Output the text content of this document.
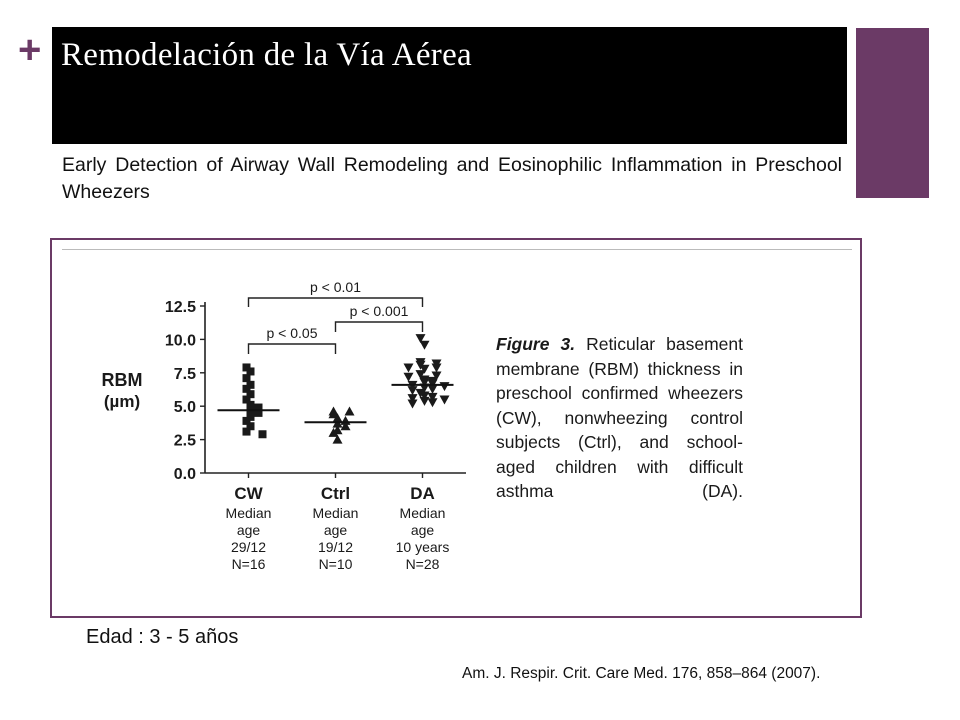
+ Remodelación de la Vía Aérea
Early Detection of Airway Wall Remodeling and Eosinophilic Inflammation in Preschool Wheezers
12.5
10.0
7.5
5.0
2.5
0.0
RBM
(µm)
CW
Median
age
29/12
N=16
Ctrl
Median
age
19/12
N=10
DA
Median
age
10 years
N=28
p < 0.01
p < 0.001
p < 0.05
Figure 3. Reticular basement membrane (RBM) thickness in preschool confirmed wheezers (CW), nonwheezing control subjects (Ctrl), and school-aged children with difficult asthma (DA).
Edad : 3 - 5 años
Am. J. Respir. Crit. Care Med. 176, 858–864 (2007).
